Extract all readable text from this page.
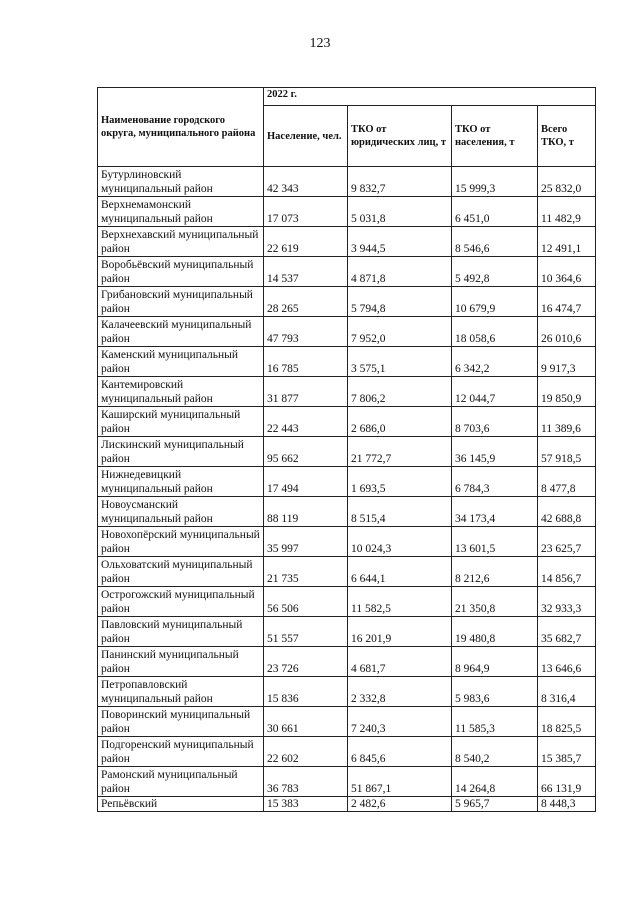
123
Наименование городского округа, муниципального района	2022 г.			
	Население, чел.	ТКО от юридических лиц, т	ТКО от населения, т	Всего ТКО, т
Бутурлиновский муниципальный район	42 343	9 832,7	15 999,3	25 832,0
Верхнемамонский муниципальный район	17 073	5 031,8	6 451,0	11 482,9
Верхнехавский муниципальный район	22 619	3 944,5	8 546,6	12 491,1
Воробьёвский муниципальный район	14 537	4 871,8	5 492,8	10 364,6
Грибановский муниципальный район	28 265	5 794,8	10 679,9	16 474,7
Калачеевский муниципальный район	47 793	7 952,0	18 058,6	26 010,6
Каменский муниципальный район	16 785	3 575,1	6 342,2	9 917,3
Кантемировский муниципальный район	31 877	7 806,2	12 044,7	19 850,9
Каширский муниципальный район	22 443	2 686,0	8 703,6	11 389,6
Лискинский муниципальный район	95 662	21 772,7	36 145,9	57 918,5
Нижнедевицкий муниципальный район	17 494	1 693,5	6 784,3	8 477,8
Новоусманский муниципальный район	88 119	8 515,4	34 173,4	42 688,8
Новохопёрский муниципальный район	35 997	10 024,3	13 601,5	23 625,7
Ольховатский муниципальный район	21 735	6 644,1	8 212,6	14 856,7
Острогожский муниципальный район	56 506	11 582,5	21 350,8	32 933,3
Павловский муниципальный район	51 557	16 201,9	19 480,8	35 682,7
Панинский муниципальный район	23 726	4 681,7	8 964,9	13 646,6
Петропавловский муниципальный район	15 836	2 332,8	5 983,6	8 316,4
Поворинский муниципальный район	30 661	7 240,3	11 585,3	18 825,5
Подгоренский муниципальный район	22 602	6 845,6	8 540,2	15 385,7
Рамонский муниципальный район	36 783	51 867,1	14 264,8	66 131,9
Репьёвский	15 383	2 482,6	5 965,7	8 448,3
